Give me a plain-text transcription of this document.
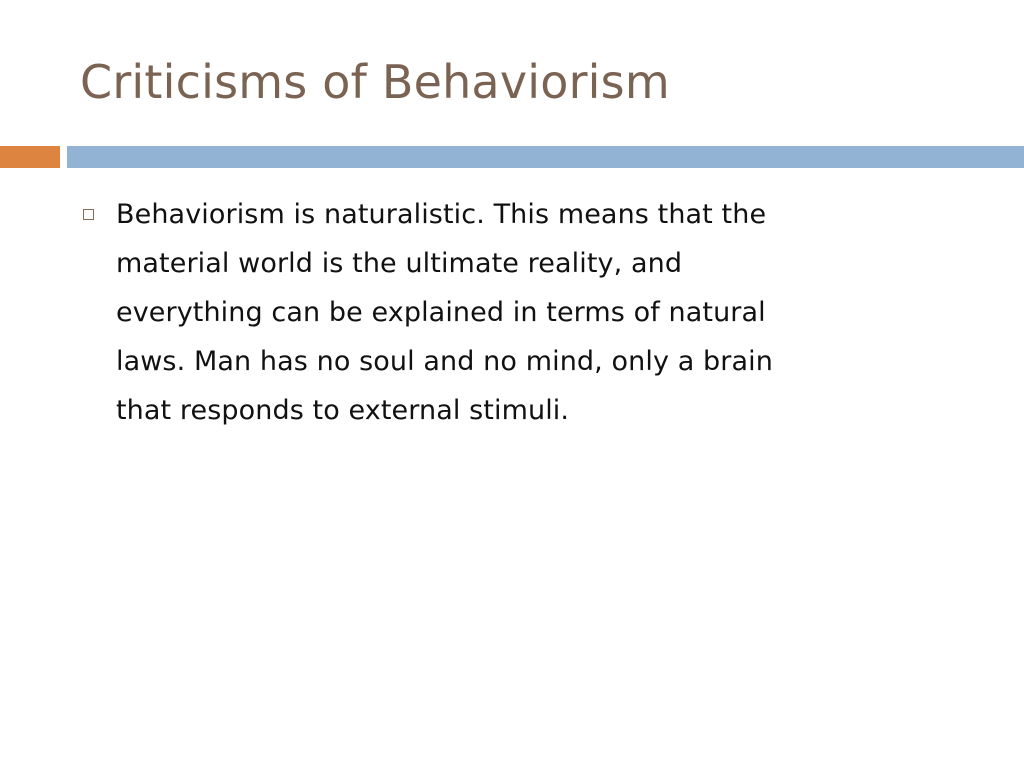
Criticisms of Behaviorism
Behaviorism is naturalistic. This means that the
material world is the ultimate reality, and
everything can be explained in terms of natural
laws. Man has no soul and no mind, only a brain
that responds to external stimuli.
